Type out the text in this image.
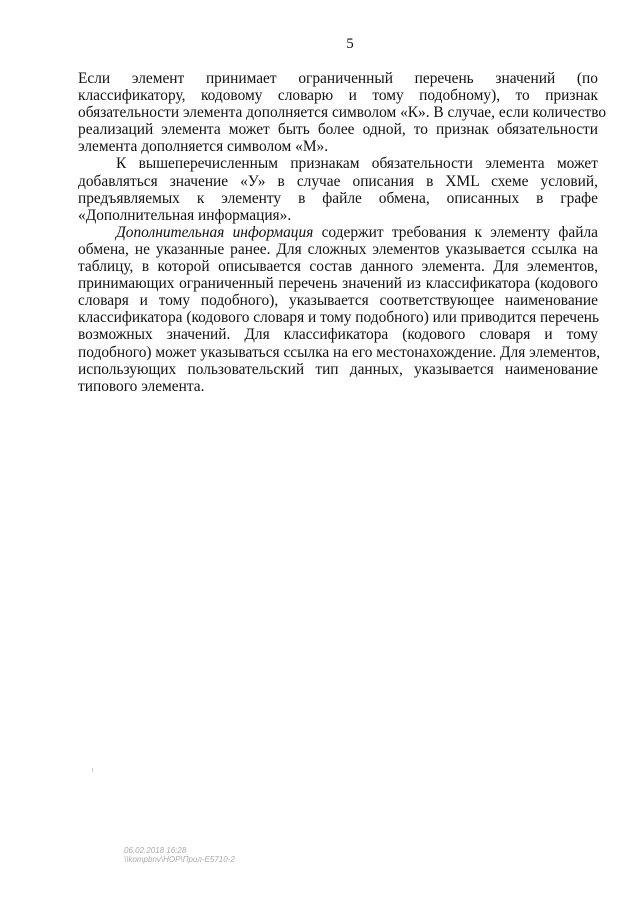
5
Если элемент принимает ограниченный перечень значений (по
классификатору, кодовому словарю и тому подобному), то признак
обязательности элемента дополняется символом «К». В случае, если количество
реализаций элемента может быть более одной, то признак обязательности
элемента дополняется символом «М».
К вышеперечисленным признакам обязательности элемента может
добавляться значение «У» в случае описания в XML схеме условий,
предъявляемых к элементу в файле обмена, описанных в графе
«Дополнительная информация».
Дополнительная информация содержит требования к элементу файла
обмена, не указанные ранее. Для сложных элементов указывается ссылка на
таблицу, в которой описывается состав данного элемента. Для элементов,
принимающих ограниченный перечень значений из классификатора (кодового
словаря и тому подобного), указывается соответствующее наименование
классификатора (кодового словаря и тому подобного) или приводится перечень
возможных значений. Для классификатора (кодового словаря и тому
подобного) может указываться ссылка на его местонахождение. Для элементов,
использующих пользовательский тип данных, указывается наименование
типового элемента.
06.02.2018 16:28
\\kompbnv\НОР\Прил-E5710-2
